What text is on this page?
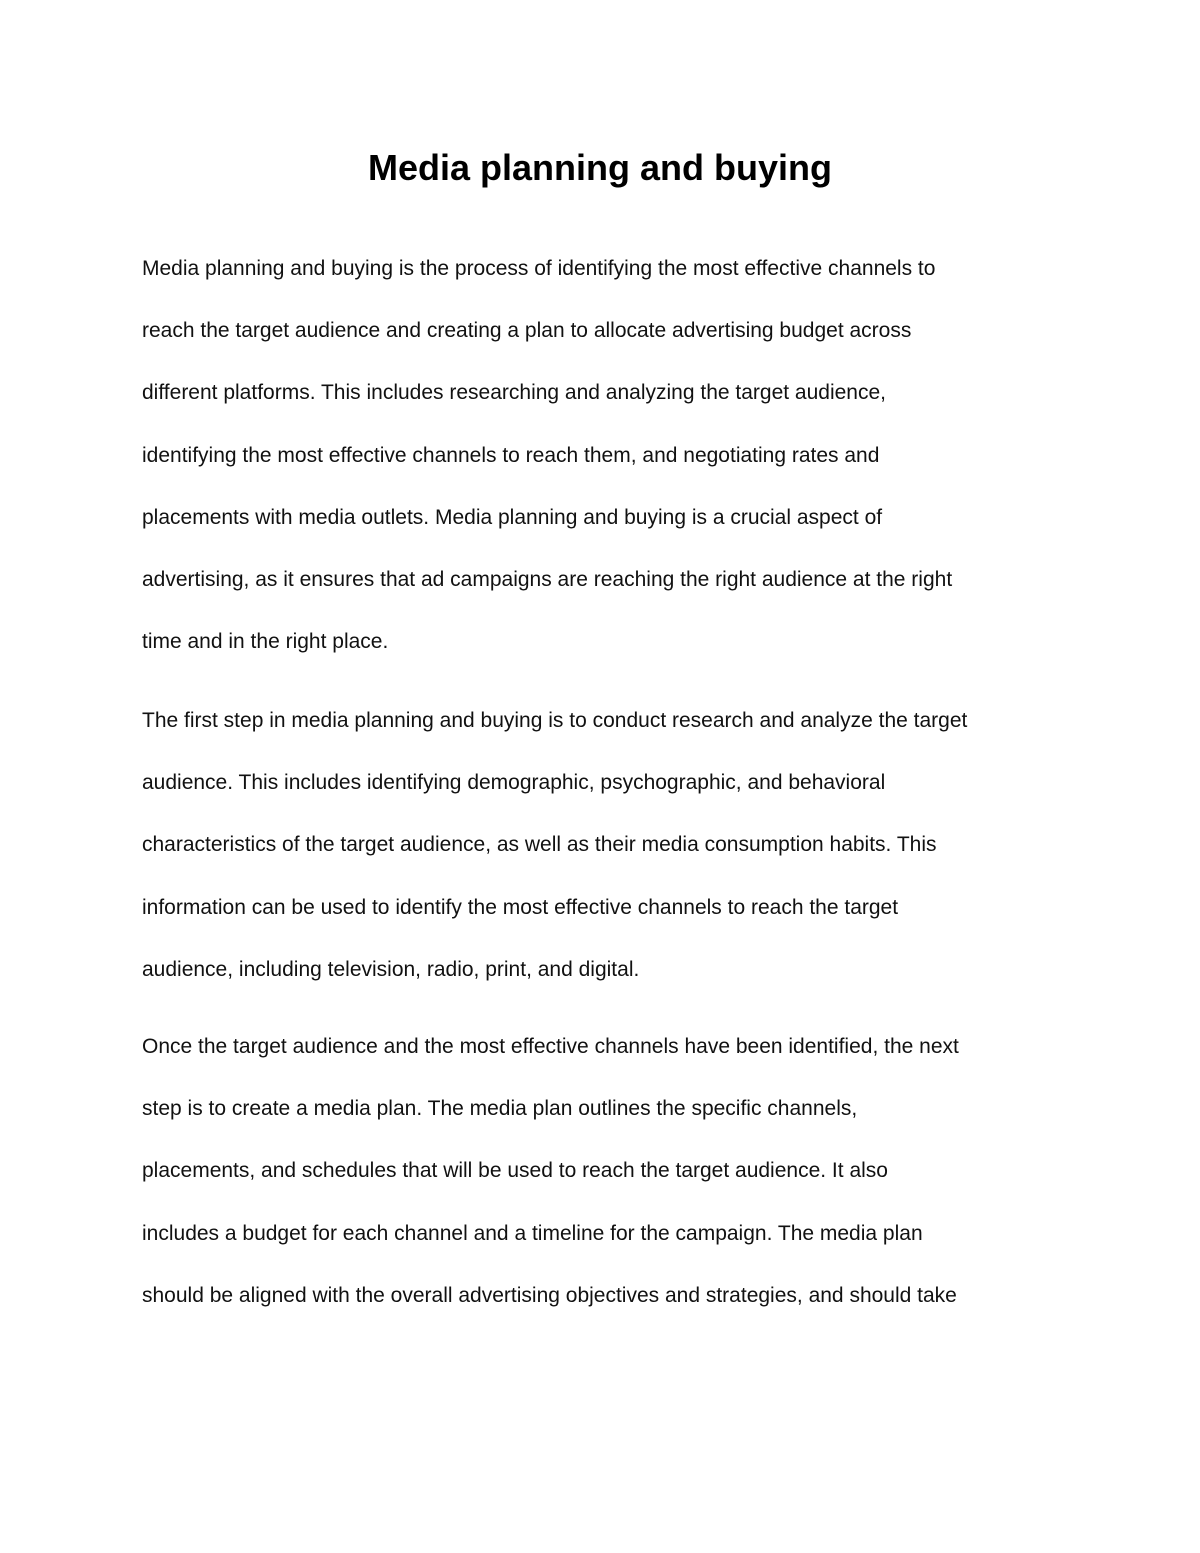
Media planning and buying
Media planning and buying is the process of identifying the most effective channels to
reach the target audience and creating a plan to allocate advertising budget across
different platforms. This includes researching and analyzing the target audience,
identifying the most effective channels to reach them, and negotiating rates and
placements with media outlets. Media planning and buying is a crucial aspect of
advertising, as it ensures that ad campaigns are reaching the right audience at the right
time and in the right place.
The first step in media planning and buying is to conduct research and analyze the target
audience. This includes identifying demographic, psychographic, and behavioral
characteristics of the target audience, as well as their media consumption habits. This
information can be used to identify the most effective channels to reach the target
audience, including television, radio, print, and digital.
Once the target audience and the most effective channels have been identified, the next
step is to create a media plan. The media plan outlines the specific channels,
placements, and schedules that will be used to reach the target audience. It also
includes a budget for each channel and a timeline for the campaign. The media plan
should be aligned with the overall advertising objectives and strategies, and should take
